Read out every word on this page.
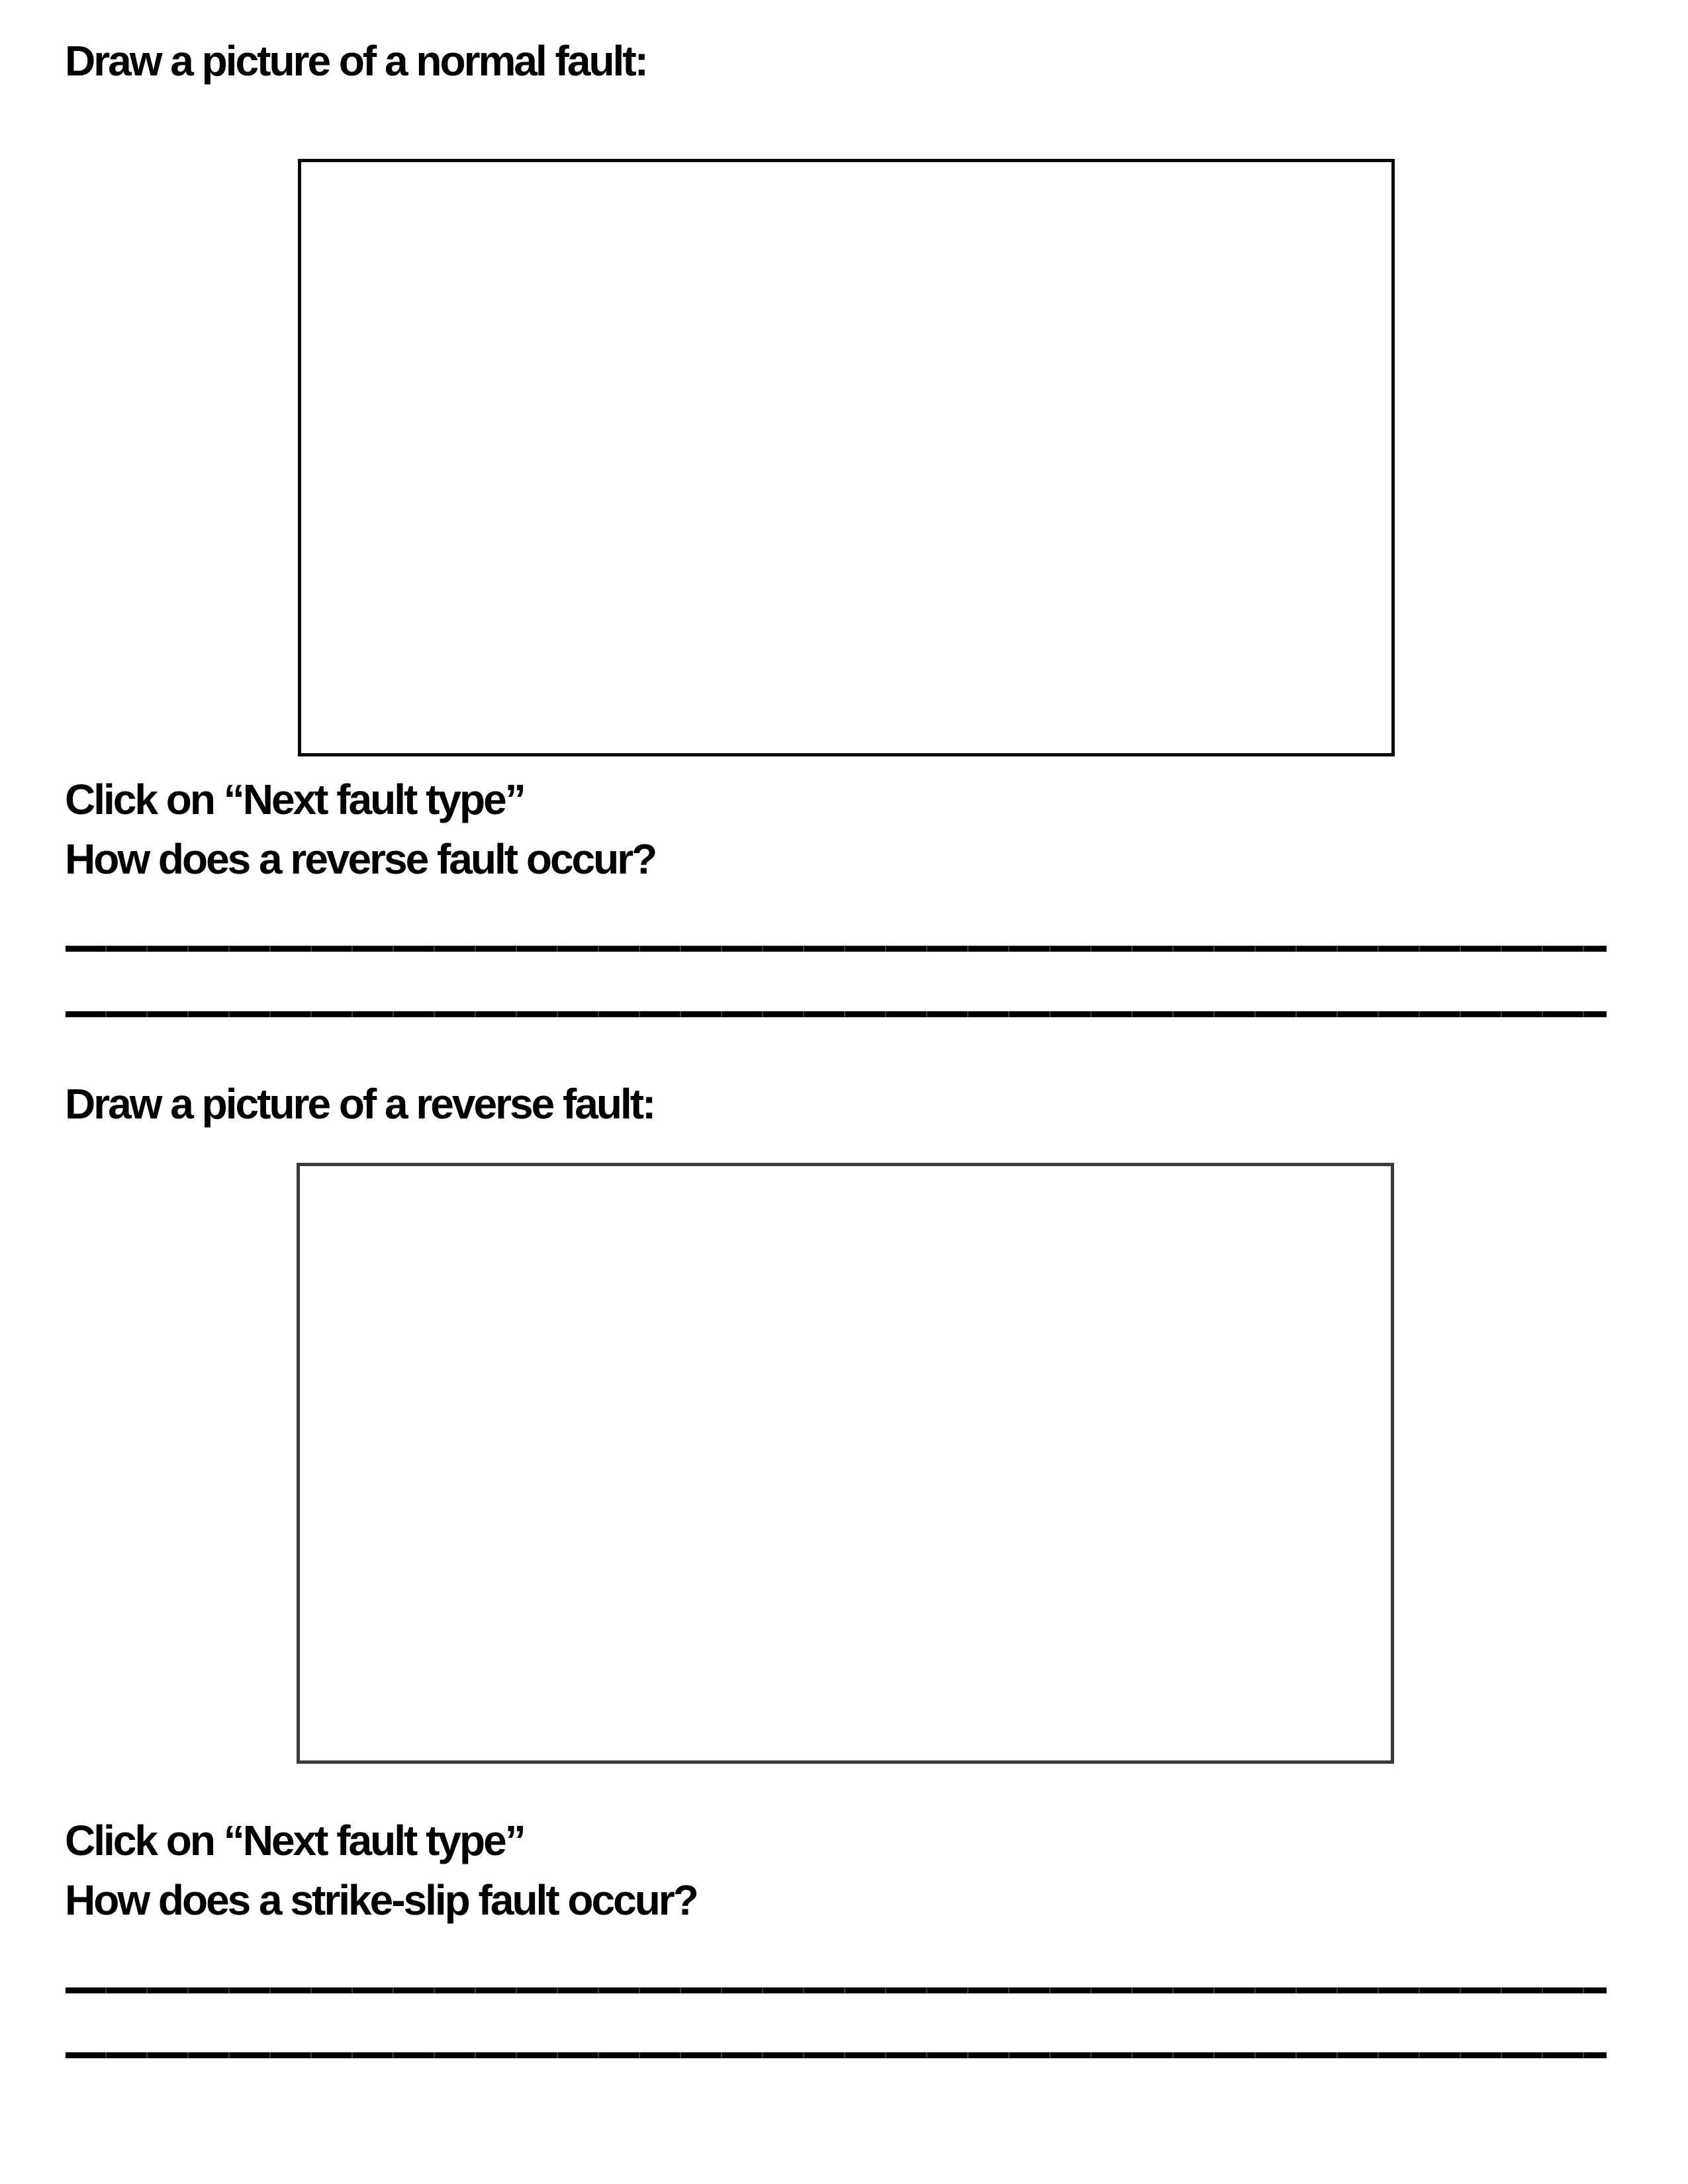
Draw a picture of a normal fault:
Click on “Next fault type”
How does a reverse fault occur?
Draw a picture of a reverse fault:
Click on “Next fault type”
How does a strike-slip fault occur?
